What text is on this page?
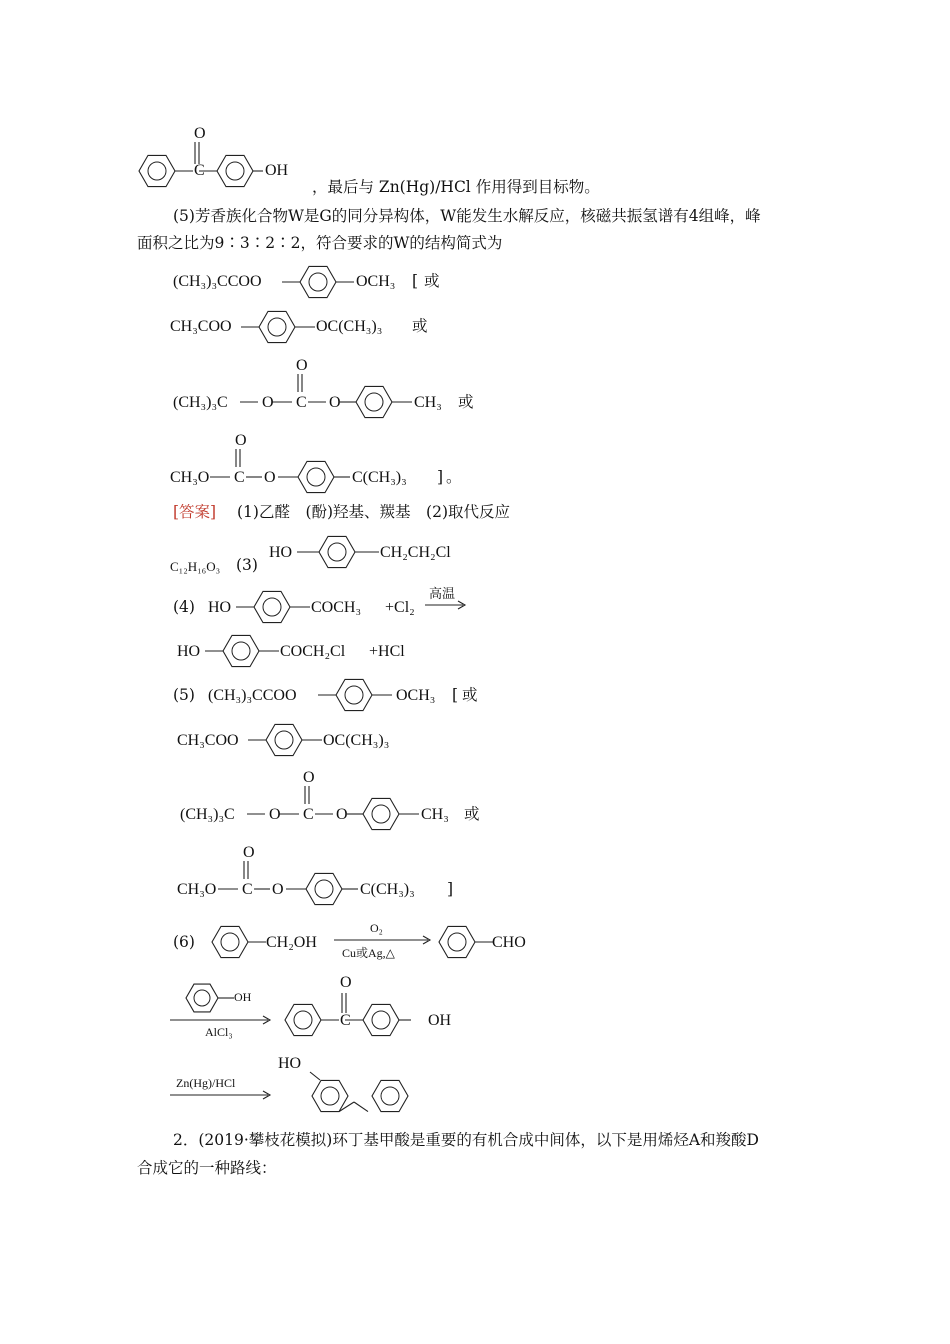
O
C	OH
，最后与 Zn(Hg)/HCl 作用得到目标物。
(5)芳香族化合物W是G的同分异构体，W能发生水解反应，核磁共振氢谱有4组峰，峰
面积之比为9∶3∶2∶2，符合要求的W的结构简式为
(CH₃)₃CCOO	OCH₃ [ 或
CH₃COO	OC(CH₃)₃ 或
O
(CH₃)₃C O C O	CH₃ 或
O
CH₃O C O	C(CH₃)₃ ] 。
[答案] (1)乙醛　(酚)羟基、羰基　(2)取代反应
C₁₂H₁₆O₃ (3)
HO	CH₂CH₂Cl
(4) HO	COCH₃ +Cl₂
高温
HO	COCH₂Cl +HCl
(5) (CH₃)₃CCOO	OCH₃ [ 或
CH₃COO	OC(CH₃)₃
O
(CH₃)₃C O C O	CH₃ 或
O
CH₃O C O	C(CH₃)₃ ]
(6)	CH₂OH
O₂
Cu或Ag,△
CHO
OH
AlCl₃
O
C	OH
Zn(Hg)/HCl
HO
2．(2019·攀枝花模拟)环丁基甲酸是重要的有机合成中间体，以下是用烯烃A和羧酸D
合成它的一种路线：
